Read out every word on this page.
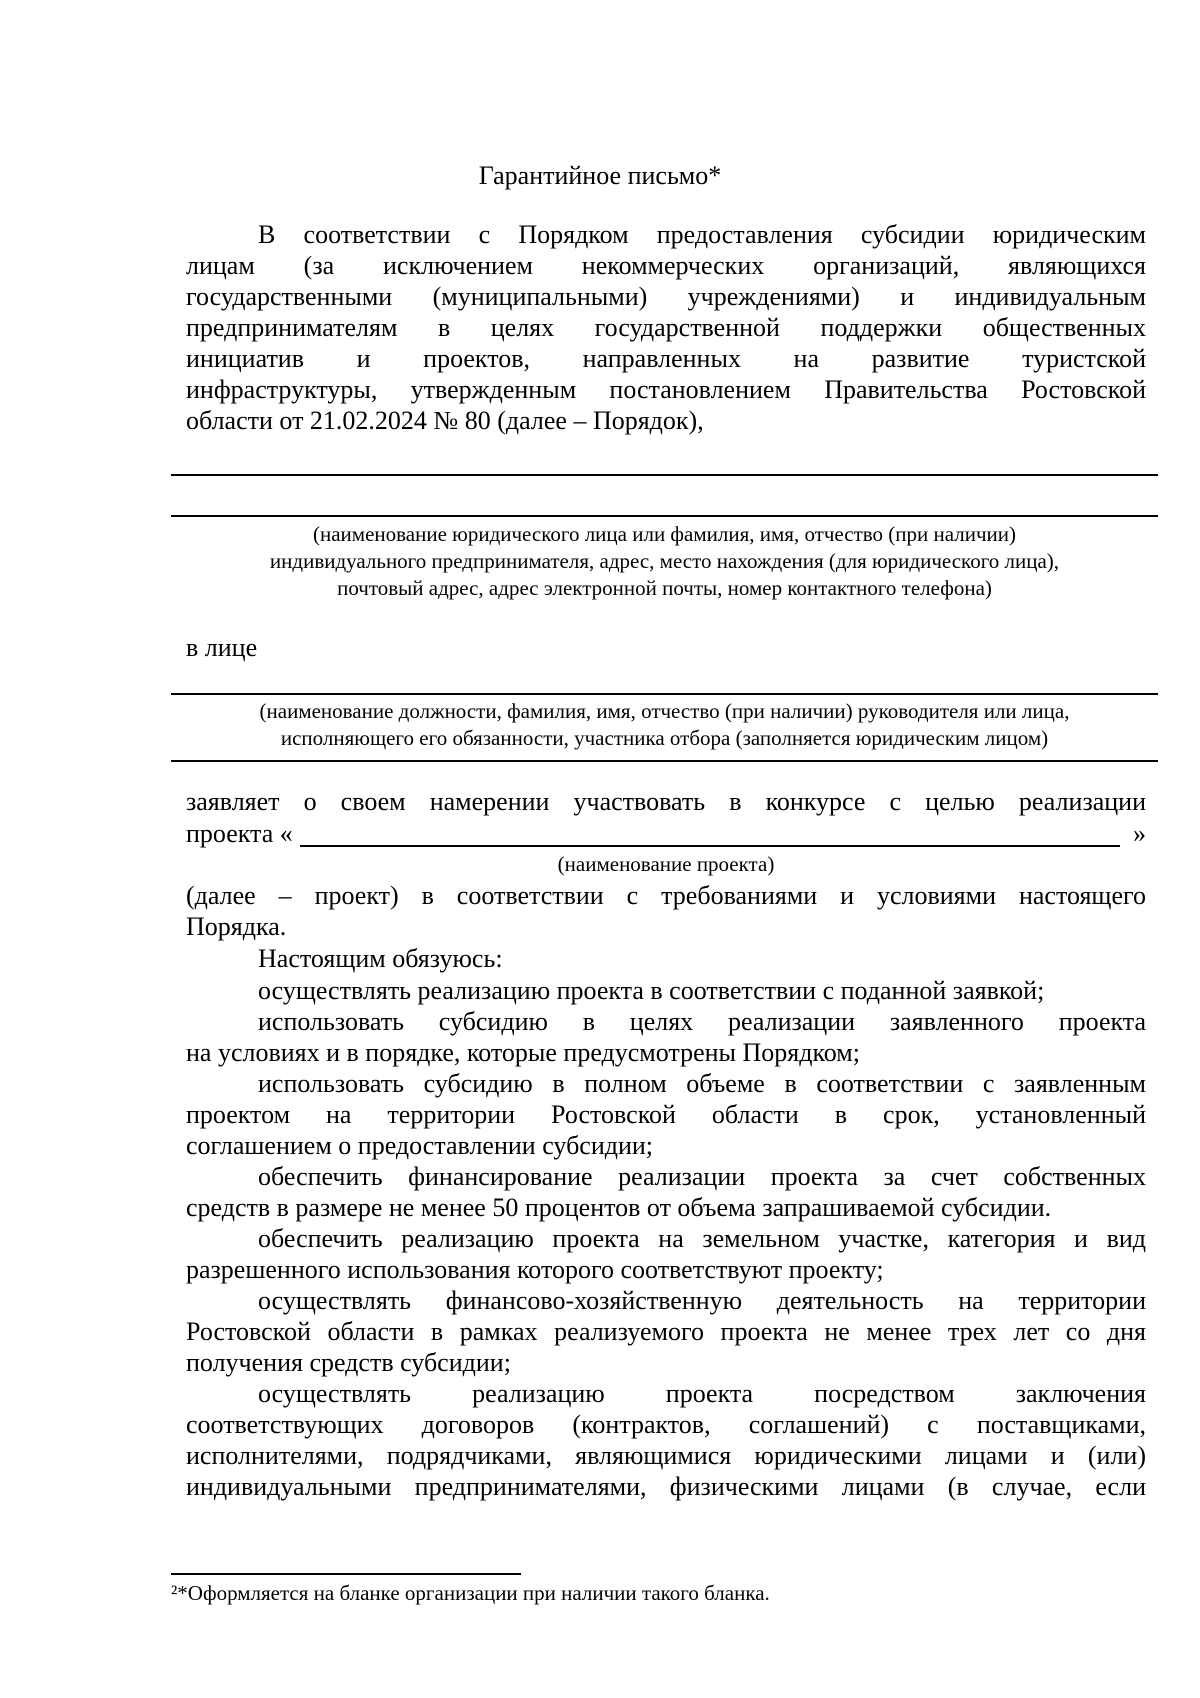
Гарантийное письмо*
В соответствии с Порядком предоставления субсидии юридическим
лицам (за исключением некоммерческих организаций, являющихся
государственными (муниципальными) учреждениями) и индивидуальным
предпринимателям в целях государственной поддержки общественных
инициатив и проектов, направленных на развитие туристской
инфраструктуры, утвержденным постановлением Правительства Ростовской
области от 21.02.2024 № 80 (далее – Порядок),
(наименование юридического лица или фамилия, имя, отчество (при наличии)
индивидуального предпринимателя, адрес, место нахождения (для юридического лица),
почтовый адрес, адрес электронной почты, номер контактного телефона)
в лице
(наименование должности, фамилия, имя, отчество (при наличии) руководителя или лица,
исполняющего его обязанности, участника отбора (заполняется юридическим лицом)
заявляет о своем намерении участвовать в конкурсе с целью реализации
проекта «	»
(наименование проекта)
(далее – проект) в соответствии с требованиями и условиями настоящего
Порядка.
Настоящим обязуюсь:
осуществлять реализацию проекта в соответствии с поданной заявкой;
использовать субсидию в целях реализации заявленного проекта
на условиях и в порядке, которые предусмотрены Порядком;
использовать субсидию в полном объеме в соответствии с заявленным
проектом на территории Ростовской области в срок, установленный
соглашением о предоставлении субсидии;
обеспечить финансирование реализации проекта за счет собственных
средств в размере не менее 50 процентов от объема запрашиваемой субсидии.
обеспечить реализацию проекта на земельном участке, категория и вид
разрешенного использования которого соответствуют проекту;
осуществлять финансово-хозяйственную деятельность на территории
Ростовской области в рамках реализуемого проекта не менее трех лет со дня
получения средств субсидии;
осуществлять реализацию проекта посредством заключения
соответствующих договоров (контрактов, соглашений) с поставщиками,
исполнителями, подрядчиками, являющимися юридическими лицами и (или)
индивидуальными предпринимателями, физическими лицами (в случае, если
²*Оформляется на бланке организации при наличии такого бланка.
